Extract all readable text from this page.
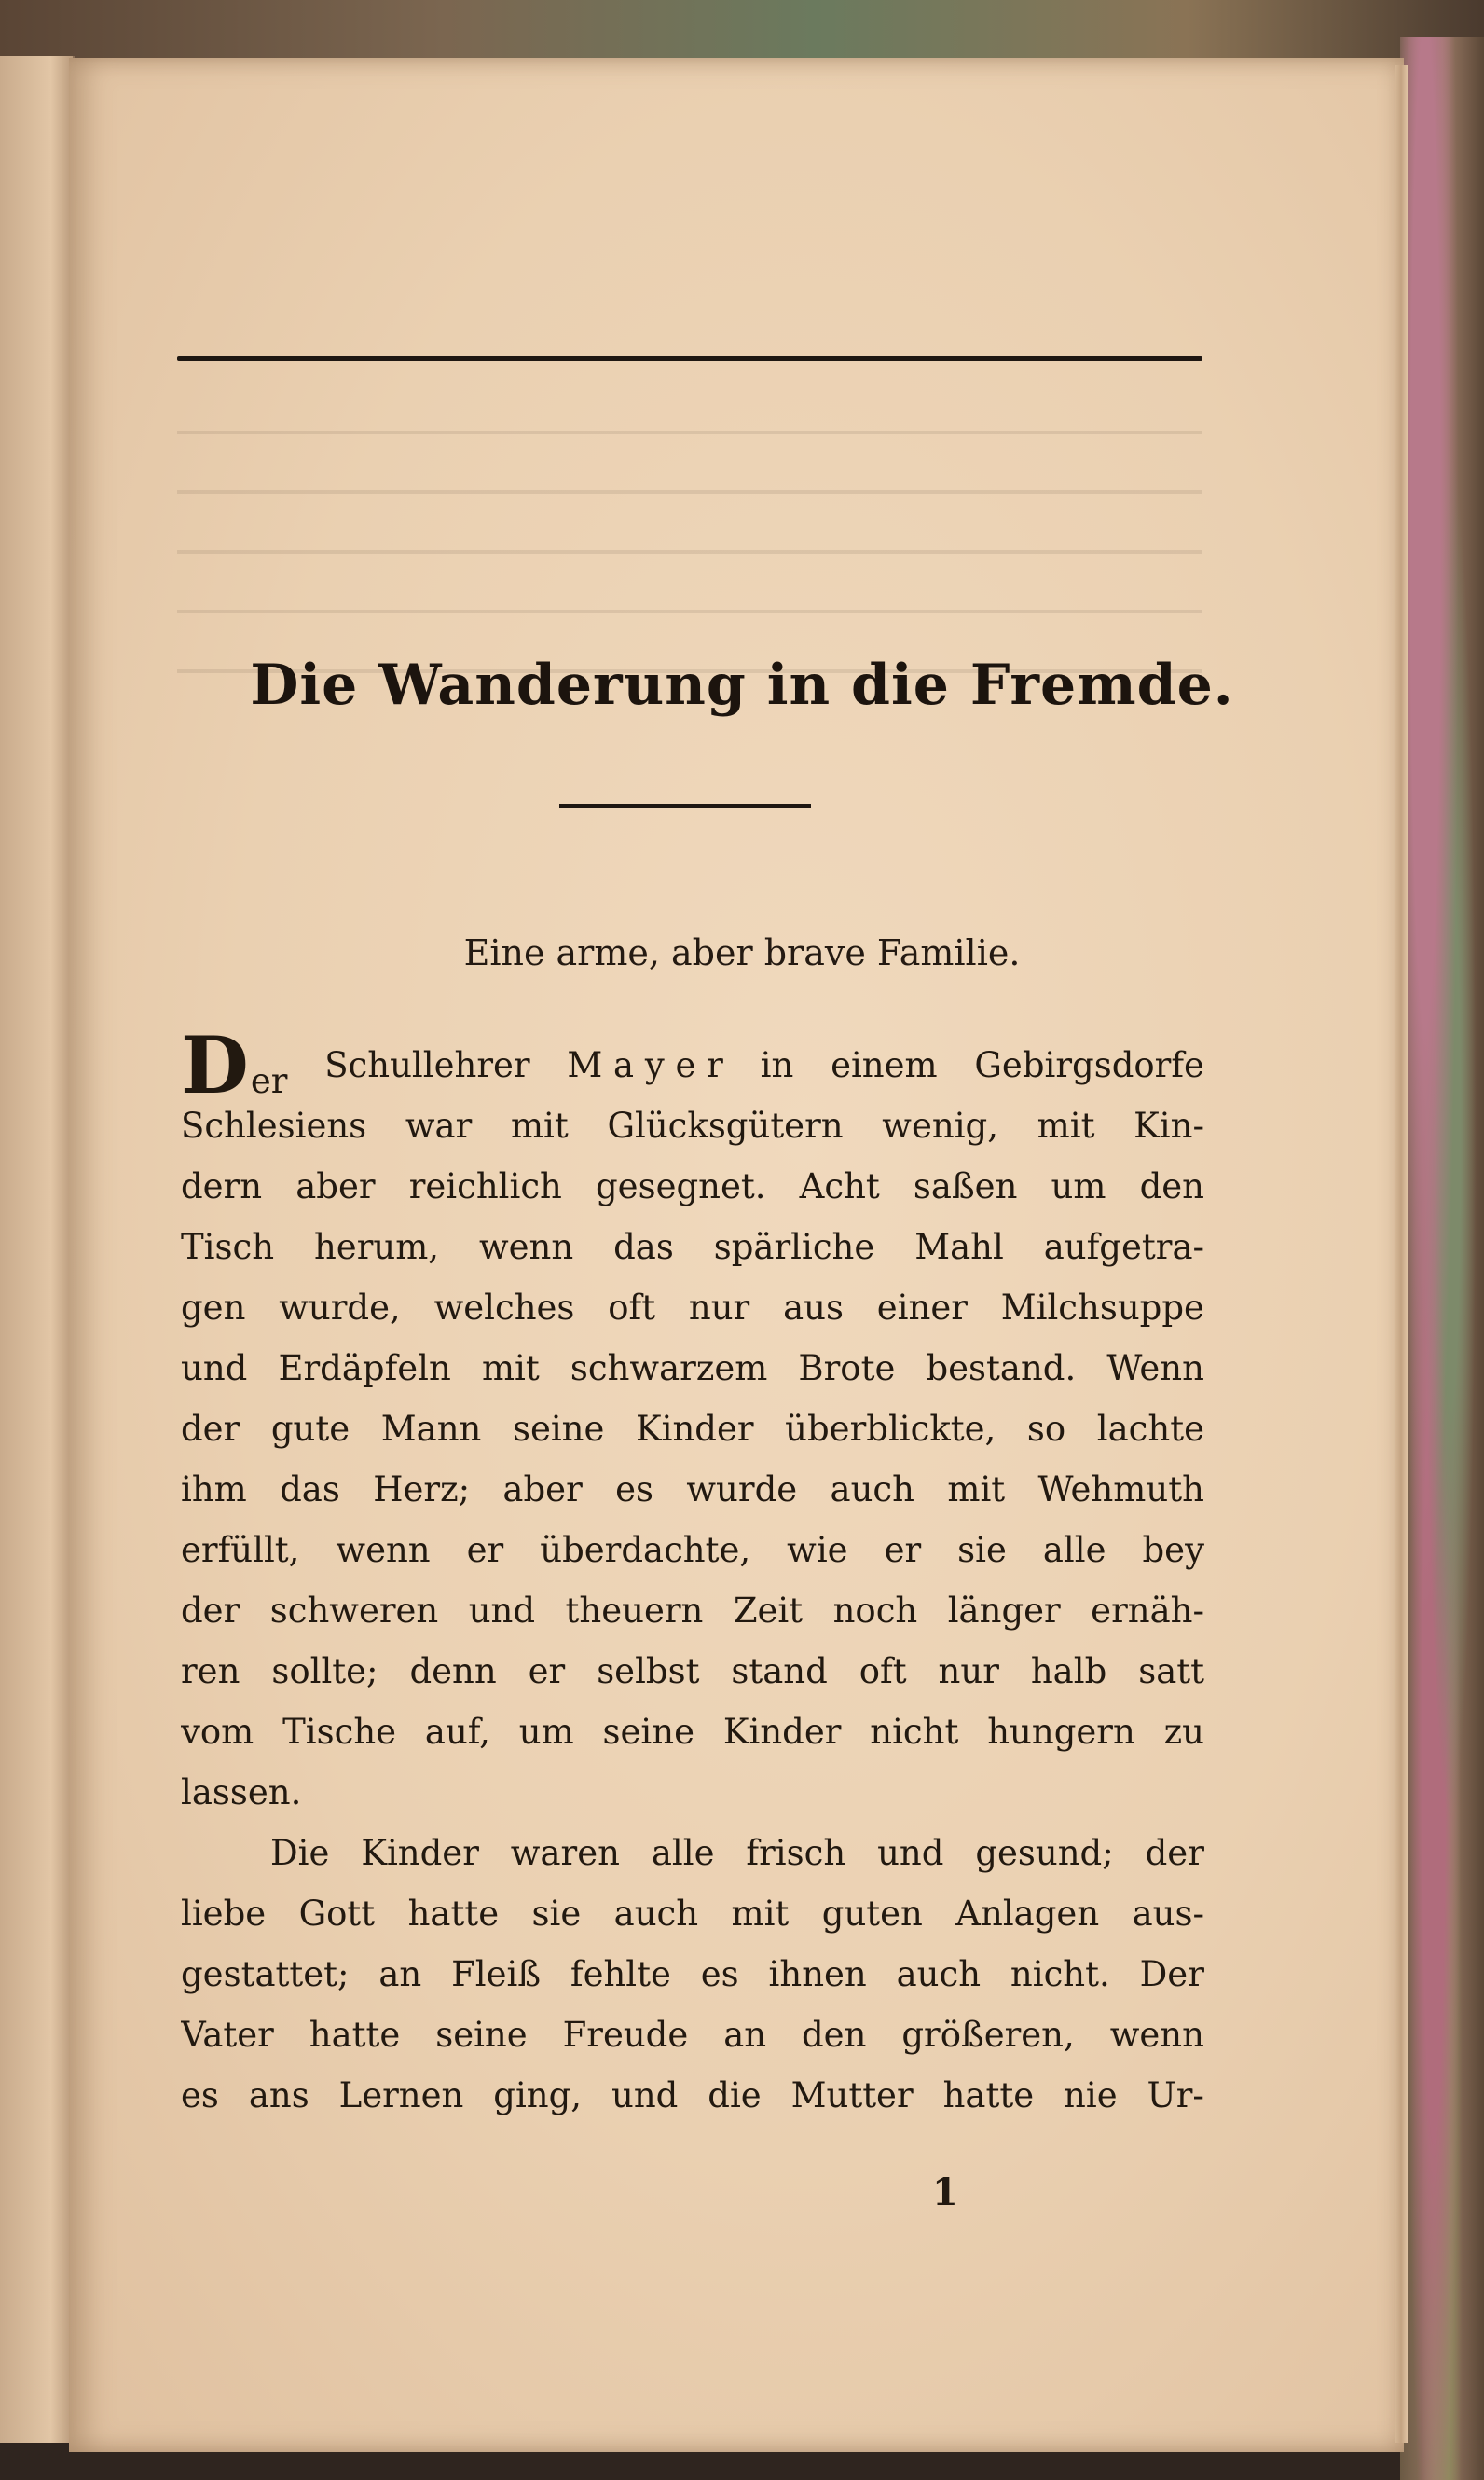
Die Wanderung in die Fremde.
Eine arme, aber brave Familie.
D er Schullehrer M a y e r in einem Gebirgsdorfe
Schlesiens war mit Glücksgütern wenig, mit Kin-
dern aber reichlich gesegnet. Acht saßen um den
Tisch herum, wenn das spärliche Mahl aufgetra-
gen wurde, welches oft nur aus einer Milchsuppe
und Erdäpfeln mit schwarzem Brote bestand. Wenn
der gute Mann seine Kinder überblickte, so lachte
ihm das Herz; aber es wurde auch mit Wehmuth
erfüllt, wenn er überdachte, wie er sie alle bey
der schweren und theuern Zeit noch länger ernäh-
ren sollte; denn er selbst stand oft nur halb satt
vom Tische auf, um seine Kinder nicht hungern zu
lassen.
Die Kinder waren alle frisch und gesund; der
liebe Gott hatte sie auch mit guten Anlagen aus-
gestattet; an Fleiß fehlte es ihnen auch nicht. Der
Vater hatte seine Freude an den größeren, wenn
es ans Lernen ging, und die Mutter hatte nie Ur-
1
